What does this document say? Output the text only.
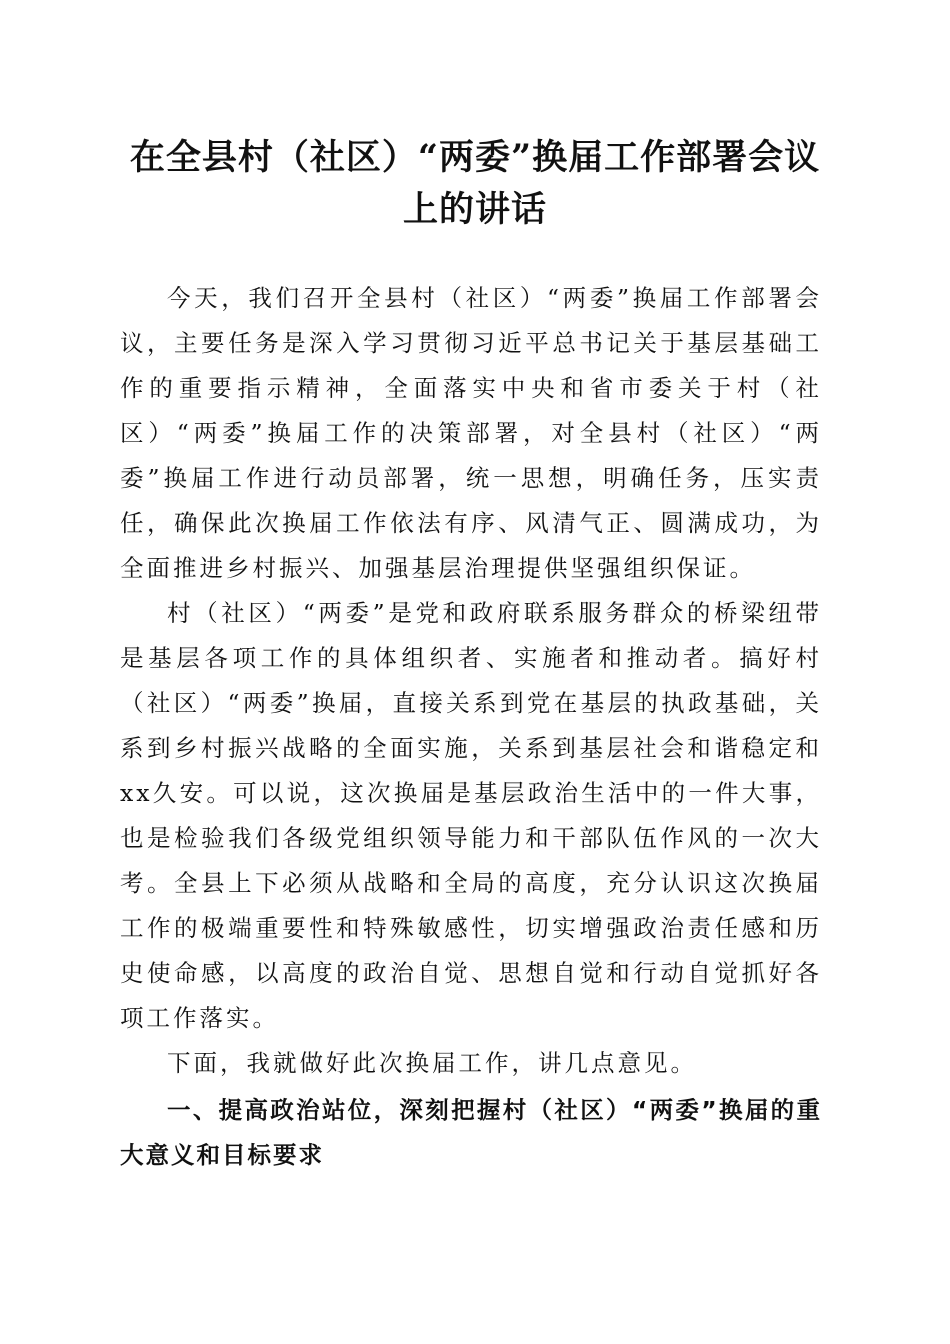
在全县村（社区）“两委”换届工作部署会议
上的讲话

今天，我们召开全县村（社区）“两委”换届工作部署会议，主要任务是深入学习贯彻习近平总书记关于基层基础工作的重要指示精神，全面落实中央和省市委关于村（社区）“两委”换届工作的决策部署，对全县村（社区）“两委”换届工作进行动员部署，统一思想，明确任务，压实责任，确保此次换届工作依法有序、风清气正、圆满成功，为全面推进乡村振兴、加强基层治理提供坚强组织保证。

村（社区）“两委”是党和政府联系服务群众的桥梁纽带是基层各项工作的具体组织者、实施者和推动者。搞好村（社区）“两委”换届，直接关系到党在基层的执政基础，关系到乡村振兴战略的全面实施，关系到基层社会和谐稳定和xx久安。可以说，这次换届是基层政治生活中的一件大事，也是检验我们各级党组织领导能力和干部队伍作风的一次大考。全县上下必须从战略和全局的高度，充分认识这次换届工作的极端重要性和特殊敏感性，切实增强政治责任感和历史使命感，以高度的政治自觉、思想自觉和行动自觉抓好各项工作落实。

下面，我就做好此次换届工作，讲几点意见。

一、提高政治站位，深刻把握村（社区）“两委”换届的重大意义和目标要求
